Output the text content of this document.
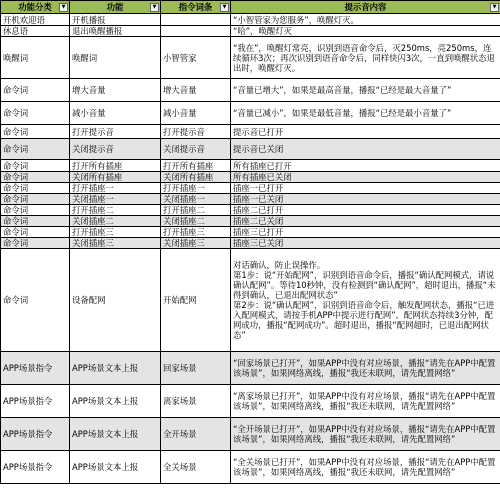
功能分类 ▼	功能 ▼	指令词条 ▼	提示音内容 ▼

开机欢迎语	开机播报		“小智管家为您服务”，唤醒灯灭。
休息语	退出唤醒播报		“哈”，唤醒灯灭
唤醒词	唤醒词	小智管家	“我在”，唤醒灯常亮，识别到语音命令后，灭250ms，亮250ms，连续循环3次；再次识别到语音命令后，同样快闪3次，一直到唤醒状态退出时，唤醒灯灭。
命令词	增大音量	增大音量	“音量已增大”，如果是最高音量，播报“已经是最大音量了”
命令词	减小音量	减小音量	“音量已减小”，如果是最低音量，播报“已经是最小音量了”
命令词	打开提示音	打开提示音	提示音已打开
命令词	关闭提示音	关闭提示音	提示音已关闭
命令词	打开所有插座	打开所有插座	所有插座已打开
命令词	关闭所有插座	关闭所有插座	所有插座已关闭
命令词	打开插座一	打开插座一	插座一已打开
命令词	关闭插座一	关闭插座一	插座一已关闭
命令词	打开插座二	打开插座二	插座二已打开
命令词	关闭插座二	关闭插座二	插座二已关闭
命令词	打开插座三	打开插座三	插座三已打开
命令词	关闭插座三	关闭插座三	插座三已关闭
命令词	设备配网	开始配网	对话确认，防止误操作。
第1步：说“开始配网”，识别到语音命令后，播报“确认配网模式，请说确认配网”。等待10秒钟，没有检测到“确认配网”，超时退出，播报“未得到确认，已退出配网状态”
第2步：说“确认配网”，识别到语音命令后，触发配网状态，播报“已进入配网模式，请按手机APP中提示进行配网”。配网状态持续3分钟，配网成功，播报“配网成功”。超时退出，播报“配网超时，已退出配网状态”
APP场景指令	APP场景文本上报	回家场景	“回家场景已打开”，如果APP中没有对应场景，播报“请先在APP中配置该场景”，如果网络离线，播报“我还未联网，请先配置网络”
APP场景指令	APP场景文本上报	离家场景	“离家场景已打开”，如果APP中没有对应场景，播报“请先在APP中配置该场景”，如果网络离线，播报“我还未联网，请先配置网络”
APP场景指令	APP场景文本上报	全开场景	“全开场景已打开”，如果APP中没有对应场景，播报“请先在APP中配置该场景”，如果网络离线，播报“我还未联网，请先配置网络”
APP场景指令	APP场景文本上报	全关场景	“全关场景已打开”，如果APP中没有对应场景，播报“请先在APP中配置该场景”，如果网络离线，播报“我还未联网，请先配置网络”
